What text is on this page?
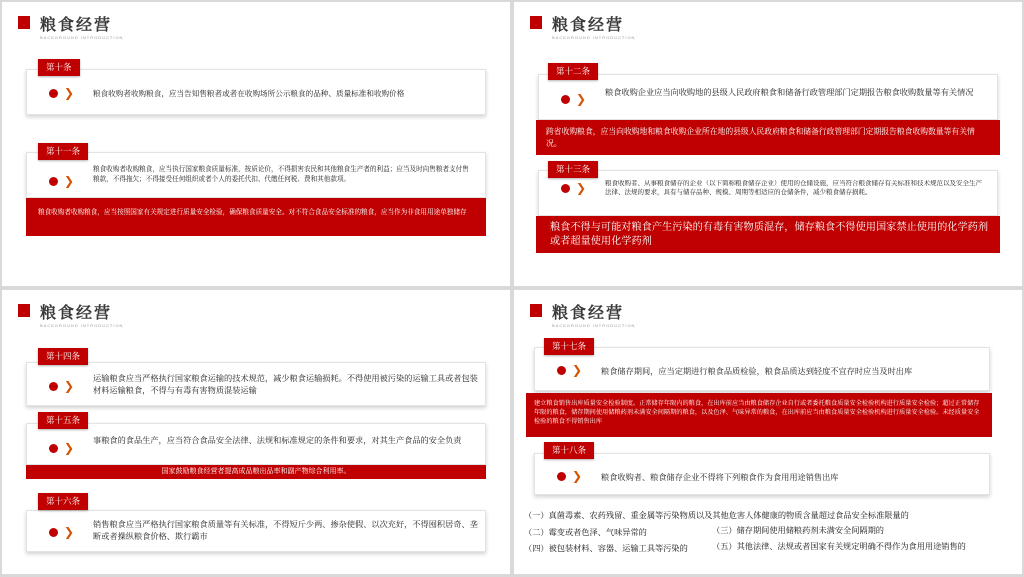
粮食经营
BACKGROUND INTRODUCTION
❯ 粮食收购者收购粮食，应当告知售粮者或者在收购场所公示粮食的品种、质量标准和收购价格
第十条
❯
粮食收购者收购粮食，应当执行国家粮食质量标准，按质论价，不得损害农民和其他粮食生产者的利益；应当及时向售粮者支付售粮款，不得拖欠；不得接受任何组织或者个人的委托代扣、代缴任何税、费和其他款项。
第十一条
粮食收购者收购粮食，应当按照国家有关规定进行质量安全检验，确保粮食质量安全。对不符合食品安全标准的粮食，应当作为非食用用途单独储存
粮食经营
BACKGROUND INTRODUCTION
❯ 粮食收购企业应当向收购地的县级人民政府粮食和储备行政管理部门定期报告粮食收购数量等有关情况
第十二条
跨省收购粮食，应当向收购地和粮食收购企业所在地的县级人民政府粮食和储备行政管理部门定期报告粮食收购数量等有关情况。
❯	粮食收购者、从事粮食储存的企业（以下简称粮食储存企业）使用的仓储设施，应当符合粮食储存有关标准和技术规范以及安全生产法律、法规的要求，具有与储存品种、规模、周期等相适应的仓储条件，减少粮食储存损耗。
第十三条
粮食不得与可能对粮食产生污染的有毒有害物质混存，储存粮食不得使用国家禁止使用的化学药剂或者超量使用化学药剂
粮食经营
BACKGROUND INTRODUCTION
❯
运输粮食应当严格执行国家粮食运输的技术规范，减少粮食运输损耗。不得使用被污染的运输工具或者包装材料运输粮食，不得与有毒有害物质混装运输
第十四条
❯
事粮食的食品生产，应当符合食品安全法律、法规和标准规定的条件和要求，对其生产食品的安全负责
第十五条
国家鼓励粮食经营者提高成品粮出品率和副产物综合利用率。
❯
销售粮食应当严格执行国家粮食质量等有关标准，不得短斤少两、掺杂使假、以次充好，不得囤积居奇、垄断或者操纵粮食价格、欺行霸市
第十六条
粮食经营
BACKGROUND INTRODUCTION
❯ 粮食储存期间，应当定期进行粮食品质检验，粮食品质达到轻度不宜存时应当及时出库
第十七条
建立粮食销售出库质量安全检验制度。正常储存年限内的粮食，在出库前应当由粮食储存企业自行或者委托粮食质量安全检验机构进行质量安全检验；超过正常储存年限的粮食，储存期间使用储粮药剂未满安全间隔期的粮食，以及色泽、气味异常的粮食，在出库前应当由粮食质量安全检验机构进行质量安全检验。未经质量安全检验的粮食不得销售出库
❯ 粮食收购者、粮食储存企业不得将下列粮食作为食用用途销售出库
第十八条
（一）真菌毒素、农药残留、重金属等污染物质以及其他危害人体健康的物质含量超过食品安全标准限量的
（二）霉变或者色泽、气味异常的	（三）储存期间使用储粮药剂未满安全间隔期的
（四）被包装材料、容器、运输工具等污染的	（五）其他法律、法规或者国家有关规定明确不得作为食用用途销售的
